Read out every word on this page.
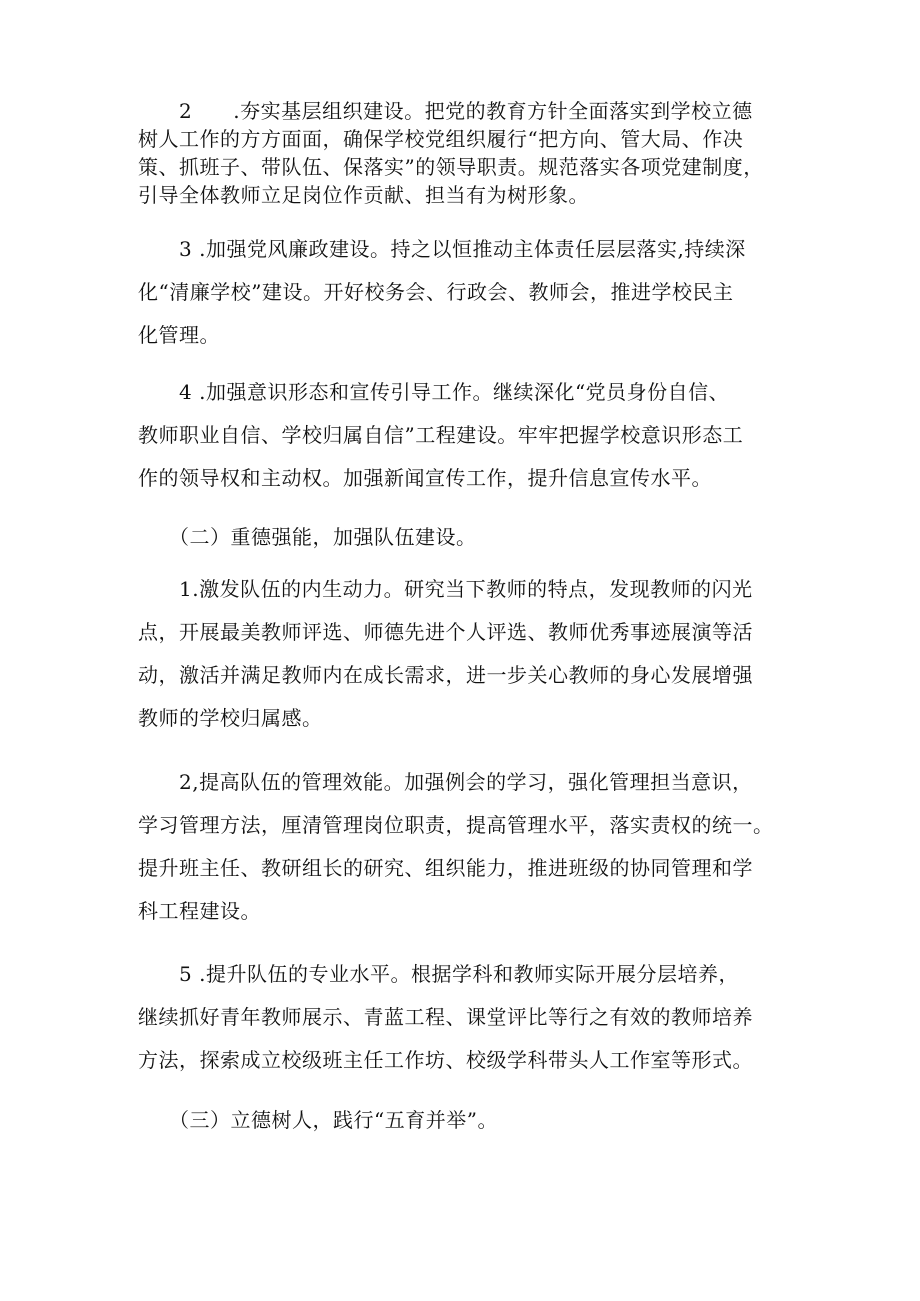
　　2　　.夯实基层组织建设。把党的教育方针全面落实到学校立德
树人工作的方方面面，确保学校党组织履行“把方向、管大局、作决
策、抓班子、带队伍、保落实”的领导职责。规范落实各项党建制度，
引导全体教师立足岗位作贡献、担当有为树形象。
　　3 .加强党风廉政建设。持之以恒推动主体责任层层落实,持续深
化“清廉学校”建设。开好校务会、行政会、教师会，推进学校民主
化管理。
　　4 .加强意识形态和宣传引导工作。继续深化“党员身份自信、
教师职业自信、学校归属自信”工程建设。牢牢把握学校意识形态工
作的领导权和主动权。加强新闻宣传工作，提升信息宣传水平。
　　（二）重德强能，加强队伍建设。
　　1.激发队伍的内生动力。研究当下教师的特点，发现教师的闪光
点，开展最美教师评选、师德先进个人评选、教师优秀事迹展演等活
动，激活并满足教师内在成长需求，进一步关心教师的身心发展增强
教师的学校归属感。
　　2,提高队伍的管理效能。加强例会的学习，强化管理担当意识，
学习管理方法，厘清管理岗位职责，提高管理水平，落实责权的统一。
提升班主任、教研组长的研究、组织能力，推进班级的协同管理和学
科工程建设。
　　5 .提升队伍的专业水平。根据学科和教师实际开展分层培养，
继续抓好青年教师展示、青蓝工程、课堂评比等行之有效的教师培养
方法，探索成立校级班主任工作坊、校级学科带头人工作室等形式。
　　（三）立德树人，践行“五育并举”。
